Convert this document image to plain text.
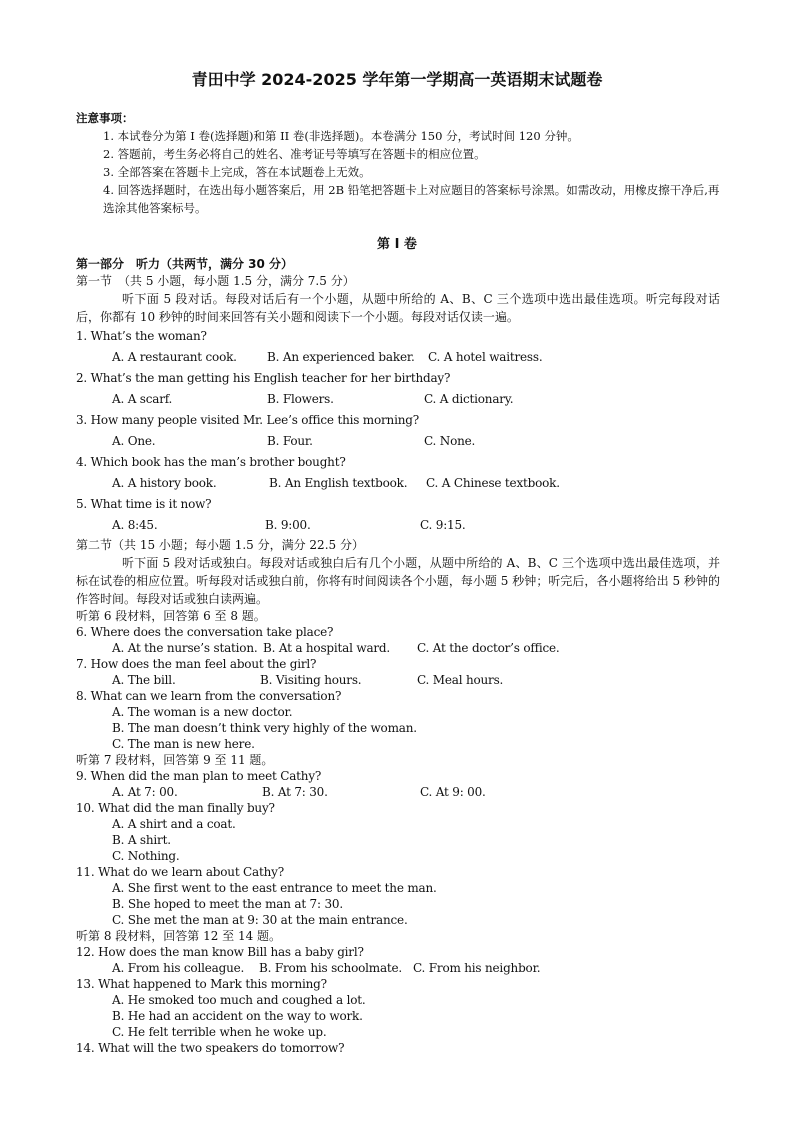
青田中学 2024-2025 学年第一学期高一英语期末试题卷
注意事项：
1. 本试卷分为第 I 卷(选择题)和第 II 卷(非选择题)。本卷满分 150 分，考试时间 120 分钟。
2. 答题前，考生务必将自己的姓名、准考证号等填写在答题卡的相应位置。
3. 全部答案在答题卡上完成，答在本试题卷上无效。
4. 回答选择题时，在选出每小题答案后，用 2B 铅笔把答题卡上对应题目的答案标号涂黑。如需改动，用橡皮擦干净后,再选涂其他答案标号。
第 I 卷
第一部分　听力（共两节，满分 30 分）
第一节　（共 5 小题，每小题 1.5 分，满分 7.5 分）
听下面 5 段对话。每段对话后有一个小题，从题中所给的 A、B、C 三个选项中选出最佳选项。听完每段对话后，你都有 10 秒钟的时间来回答有关小题和阅读下一个小题。每段对话仅读一遍。
1. What’s the woman?
A. A restaurant cook.	B. An experienced baker. C. A hotel waitress.
2. What’s the man getting his English teacher for her birthday?
A. A scarf.	B. Flowers.	C. A dictionary.
3. How many people visited Mr. Lee’s office this morning?
A. One.	B. Four.	C. None.
4. Which book has the man’s brother bought?
A. A history book.	B. An English textbook. C. A Chinese textbook.
5. What time is it now?
A. 8:45.	B. 9:00.	C. 9:15.
第二节（共 15 小题；每小题 1.5 分，满分 22.5 分）
听下面 5 段对话或独白。每段对话或独白后有几个小题，从题中所给的 A、B、C 三个选项中选出最佳选项，并标在试卷的相应位置。听每段对话或独白前，你将有时间阅读各个小题，每小题 5 秒钟；听完后，各小题将给出 5 秒钟的作答时间。每段对话或独白读两遍。
听第 6 段材料，回答第 6 至 8 题。
6. Where does the conversation take place?
A. At the nurse’s station. B. At a hospital ward. C. At the doctor’s office.
7. How does the man feel about the girl?
A. The bill.	B. Visiting hours.	C. Meal hours.
8. What can we learn from the conversation?
A. The woman is a new doctor.
B. The man doesn’t think very highly of the woman.
C. The man is new here.
听第 7 段材料，回答第 9 至 11 题。
9. When did the man plan to meet Cathy?
A. At 7: 00.	B. At 7: 30.	C. At 9: 00.
10. What did the man finally buy?
A. A shirt and a coat.
B. A shirt.
C. Nothing.
11. What do we learn about Cathy?
A. She first went to the east entrance to meet the man.
B. She hoped to meet the man at 7: 30.
C. She met the man at 9: 30 at the main entrance.
听第 8 段材料，回答第 12 至 14 题。
12. How does the man know Bill has a baby girl?
A. From his colleague. B. From his schoolmate. C. From his neighbor.
13. What happened to Mark this morning?
A. He smoked too much and coughed a lot.
B. He had an accident on the way to work.
C. He felt terrible when he woke up.
14. What will the two speakers do tomorrow?
